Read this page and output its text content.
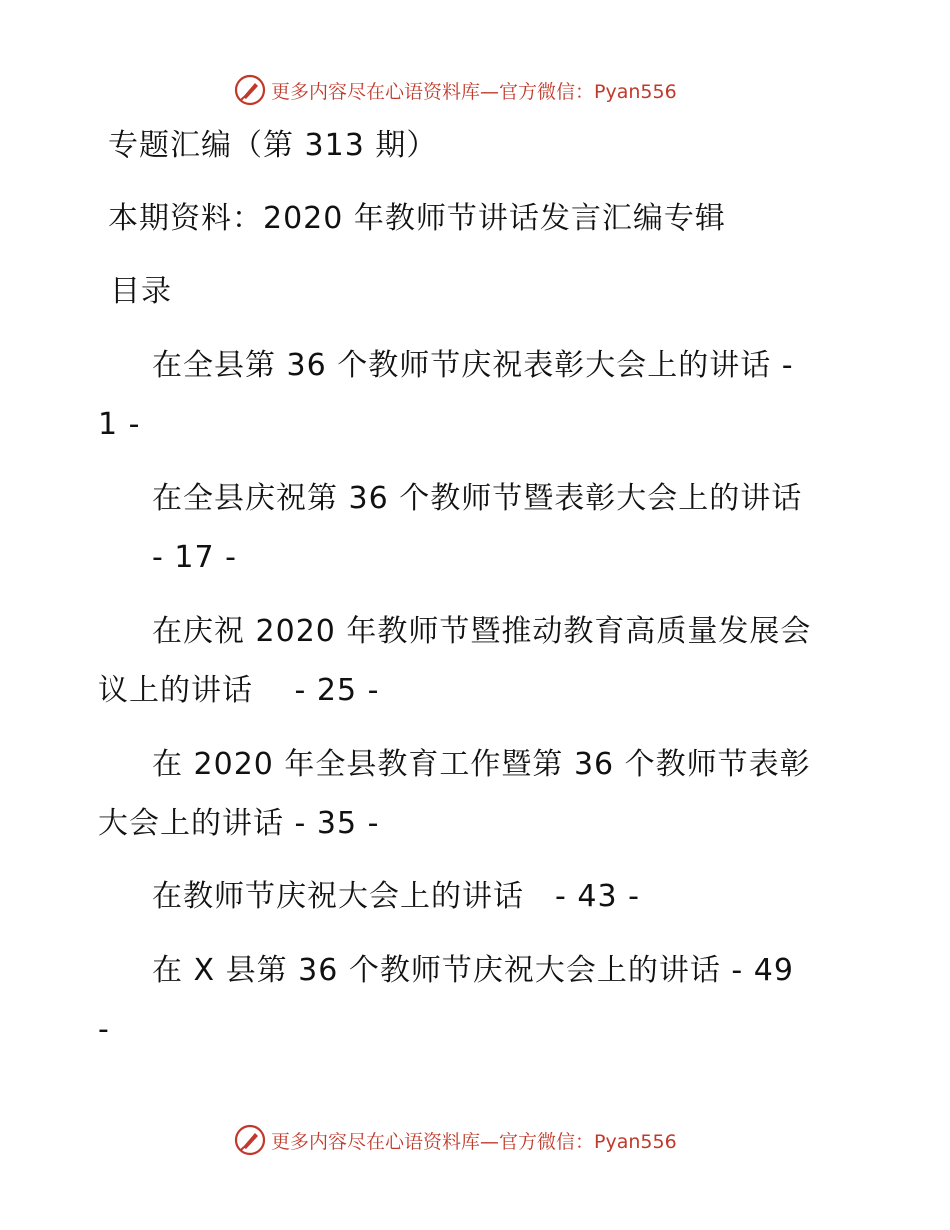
更多内容尽在心语资料库 —官方微信：Pyan556
专题汇编（第 313 期）
本期资料：2020 年教师节讲话发言汇编专辑
目录
在全县第 36 个教师节庆祝表彰大会上的讲话 -
1 -
在全县庆祝第 36 个教师节暨表彰大会上的讲话
- 17 -
在庆祝 2020 年教师节暨推动教育高质量发展会
议上的讲话　 - 25 -
在 2020 年全县教育工作暨第 36 个教师节表彰
大会上的讲话 - 35 -
在教师节庆祝大会上的讲话　- 43 -
在 X 县第 36 个教师节庆祝大会上的讲话 - 49
-
更多内容尽在心语资料库 —官方微信：Pyan556
